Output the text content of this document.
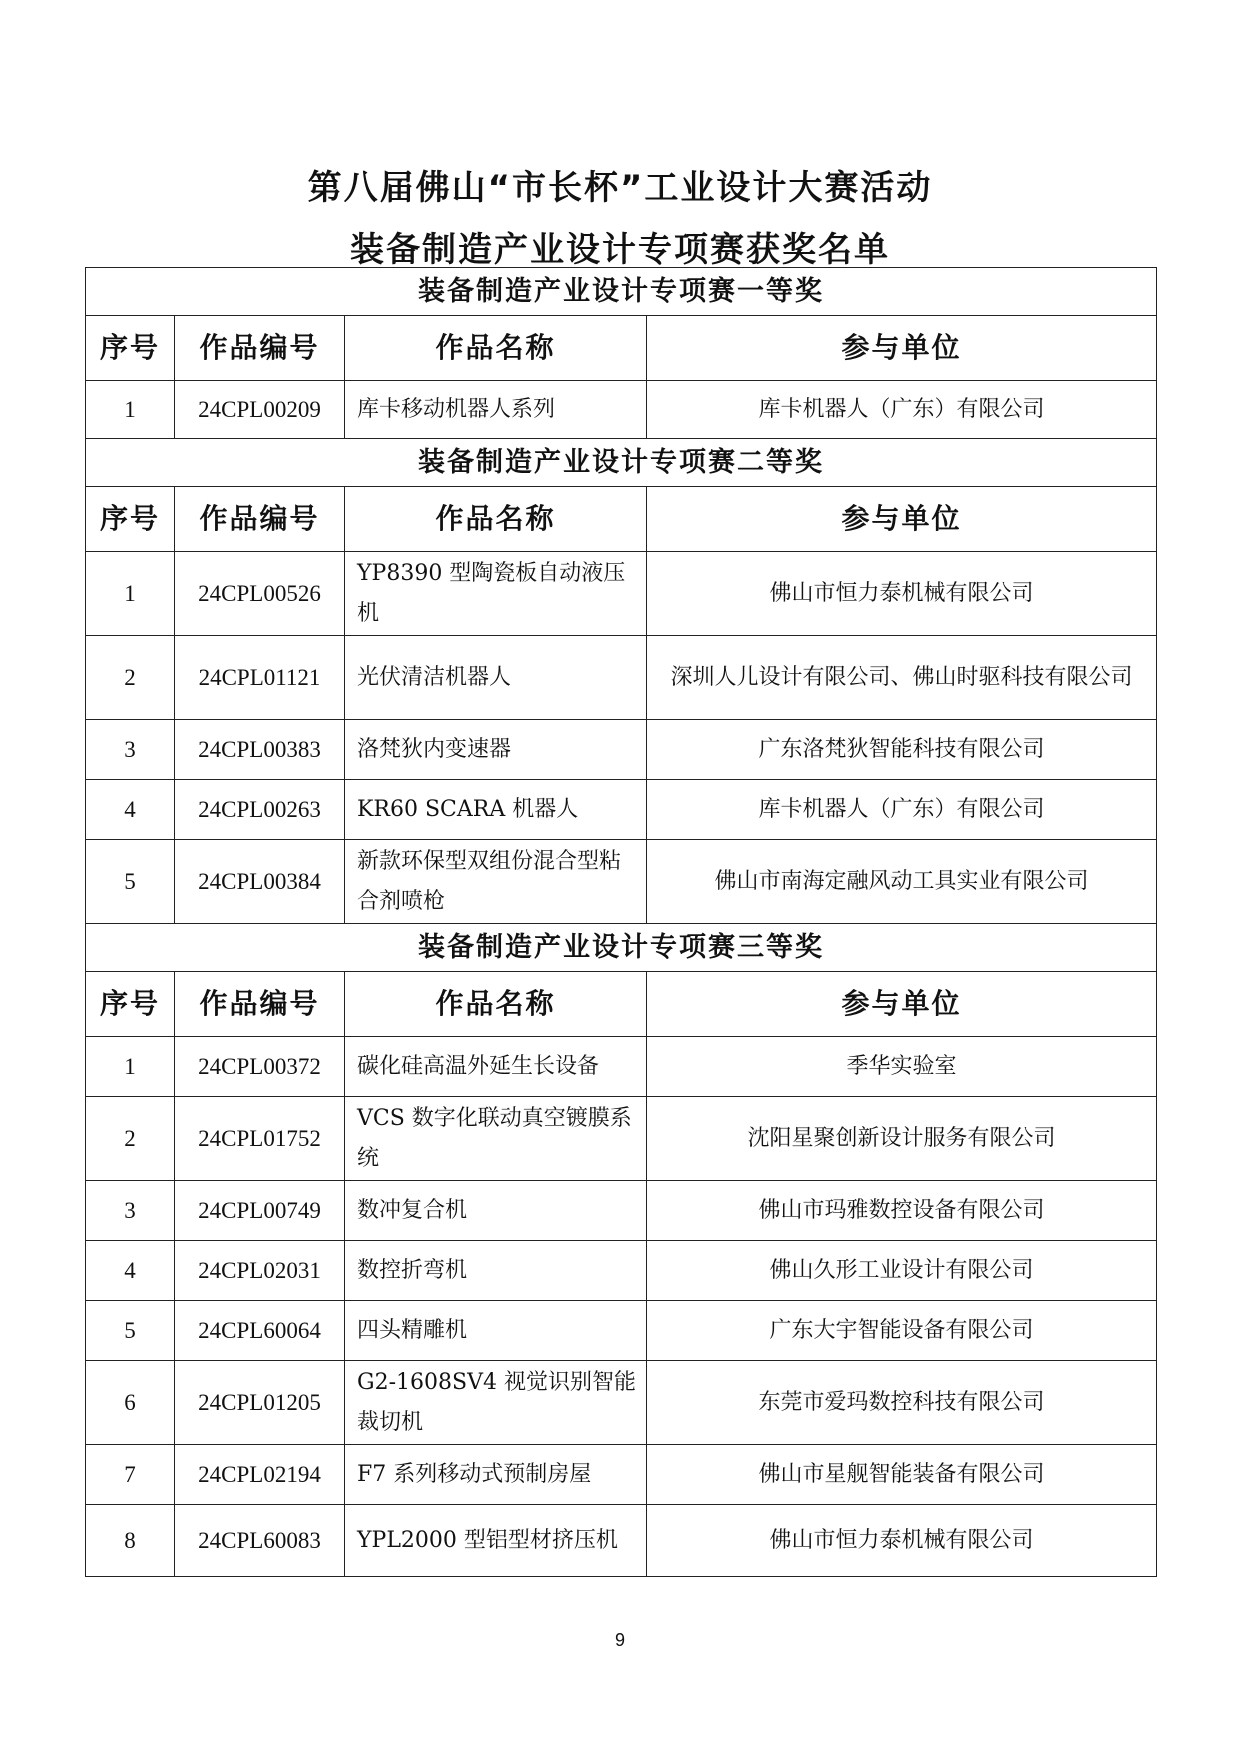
第八届佛山“市长杯”工业设计大赛活动
装备制造产业设计专项赛获奖名单
装备制造产业设计专项赛一等奖			
序号	作品编号	作品名称	参与单位
1	24CPL00209	库卡移动机器人系列	库卡机器人（广东）有限公司
装备制造产业设计专项赛二等奖			
序号	作品编号	作品名称	参与单位
1	24CPL00526	YP8390 型陶瓷板自动液压机	佛山市恒力泰机械有限公司
2	24CPL01121	光伏清洁机器人	深圳人儿设计有限公司、佛山时驱科技有限公司
3	24CPL00383	洛梵狄内变速器	广东洛梵狄智能科技有限公司
4	24CPL00263	KR60 SCARA 机器人	库卡机器人（广东）有限公司
5	24CPL00384	新款环保型双组份混合型粘合剂喷枪	佛山市南海定融风动工具实业有限公司
装备制造产业设计专项赛三等奖			
序号	作品编号	作品名称	参与单位
1	24CPL00372	碳化硅高温外延生长设备	季华实验室
2	24CPL01752	VCS 数字化联动真空镀膜系统	沈阳星聚创新设计服务有限公司
3	24CPL00749	数冲复合机	佛山市玛雅数控设备有限公司
4	24CPL02031	数控折弯机	佛山久形工业设计有限公司
5	24CPL60064	四头精雕机	广东大宇智能设备有限公司
6	24CPL01205	G2-1608SV4 视觉识别智能裁切机	东莞市爱玛数控科技有限公司
7	24CPL02194	F7 系列移动式预制房屋	佛山市星舰智能装备有限公司
8	24CPL60083	YPL2000 型铝型材挤压机	佛山市恒力泰机械有限公司
9
